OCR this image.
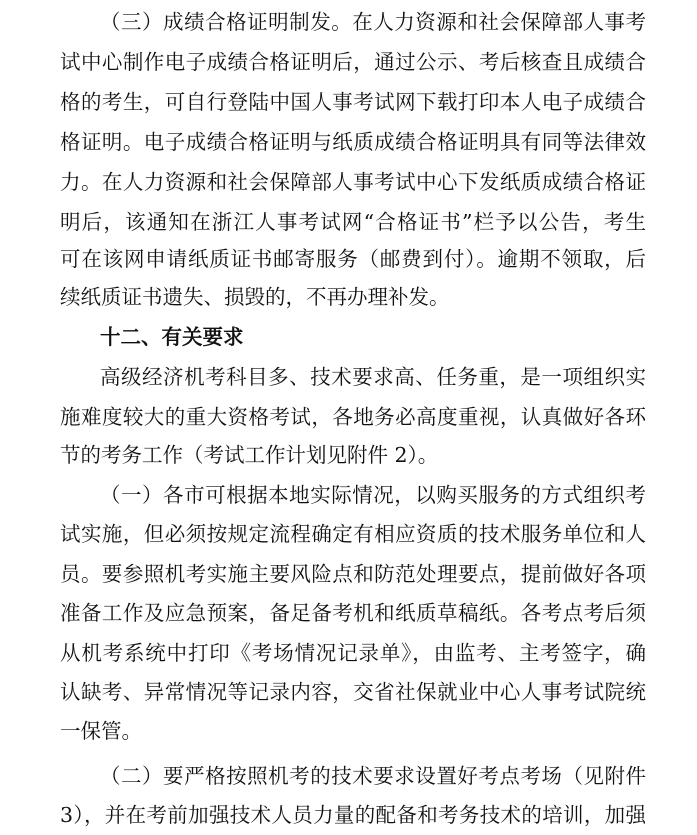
（三）成绩合格证明制发。在人力资源和社会保障部人事考
试中心制作电子成绩合格证明后，通过公示、考后核查且成绩合
格的考生，可自行登陆中国人事考试网下载打印本人电子成绩合
格证明。电子成绩合格证明与纸质成绩合格证明具有同等法律效
力。在人力资源和社会保障部人事考试中心下发纸质成绩合格证
明后，该通知在浙江人事考试网“合格证书”栏予以公告，考生
可在该网申请纸质证书邮寄服务（邮费到付）。逾期不领取，后
续纸质证书遗失、损毁的，不再办理补发。
十二、有关要求
高级经济机考科目多、技术要求高、任务重，是一项组织实
施难度较大的重大资格考试，各地务必高度重视，认真做好各环
节的考务工作（考试工作计划见附件 2）。
（一）各市可根据本地实际情况，以购买服务的方式组织考
试实施，但必须按规定流程确定有相应资质的技术服务单位和人
员。要参照机考实施主要风险点和防范处理要点，提前做好各项
准备工作及应急预案，备足备考机和纸质草稿纸。各考点考后须
从机考系统中打印《考场情况记录单》，由监考、主考签字，确
认缺考、异常情况等记录内容，交省社保就业中心人事考试院统
一保管。
（二）要严格按照机考的技术要求设置好考点考场（见附件
3），并在考前加强技术人员力量的配备和考务技术的培训，加强
